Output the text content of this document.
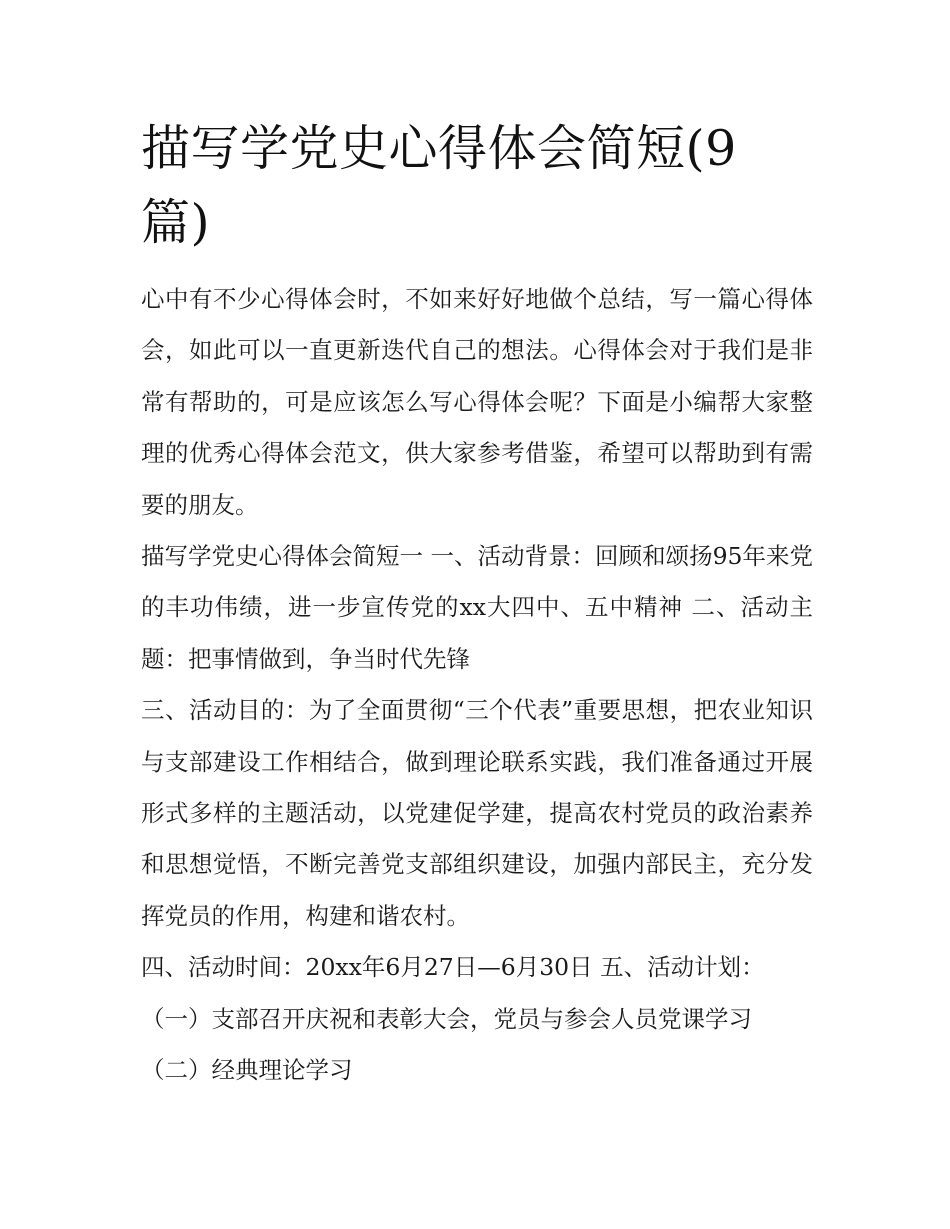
描写学党史心得体会简短(9篇)

心中有不少心得体会时，不如来好好地做个总结，写一篇心得体会，如此可以一直更新迭代自己的想法。心得体会对于我们是非常有帮助的，可是应该怎么写心得体会呢？下面是小编帮大家整理的优秀心得体会范文，供大家参考借鉴，希望可以帮助到有需要的朋友。

描写学党史心得体会简短一 一、活动背景：回顾和颂扬95年来党的丰功伟绩，进一步宣传党的xx大四中、五中精神 二、活动主题：把事情做到，争当时代先锋

三、活动目的：为了全面贯彻“三个代表”重要思想，把农业知识与支部建设工作相结合，做到理论联系实践，我们准备通过开展形式多样的主题活动，以党建促学建，提高农村党员的政治素养和思想觉悟，不断完善党支部组织建设，加强内部民主，充分发挥党员的作用，构建和谐农村。

四、活动时间：20xx年6月27日—6月30日 五、活动计划：

（一）支部召开庆祝和表彰大会，党员与参会人员党课学习

（二）经典理论学习
